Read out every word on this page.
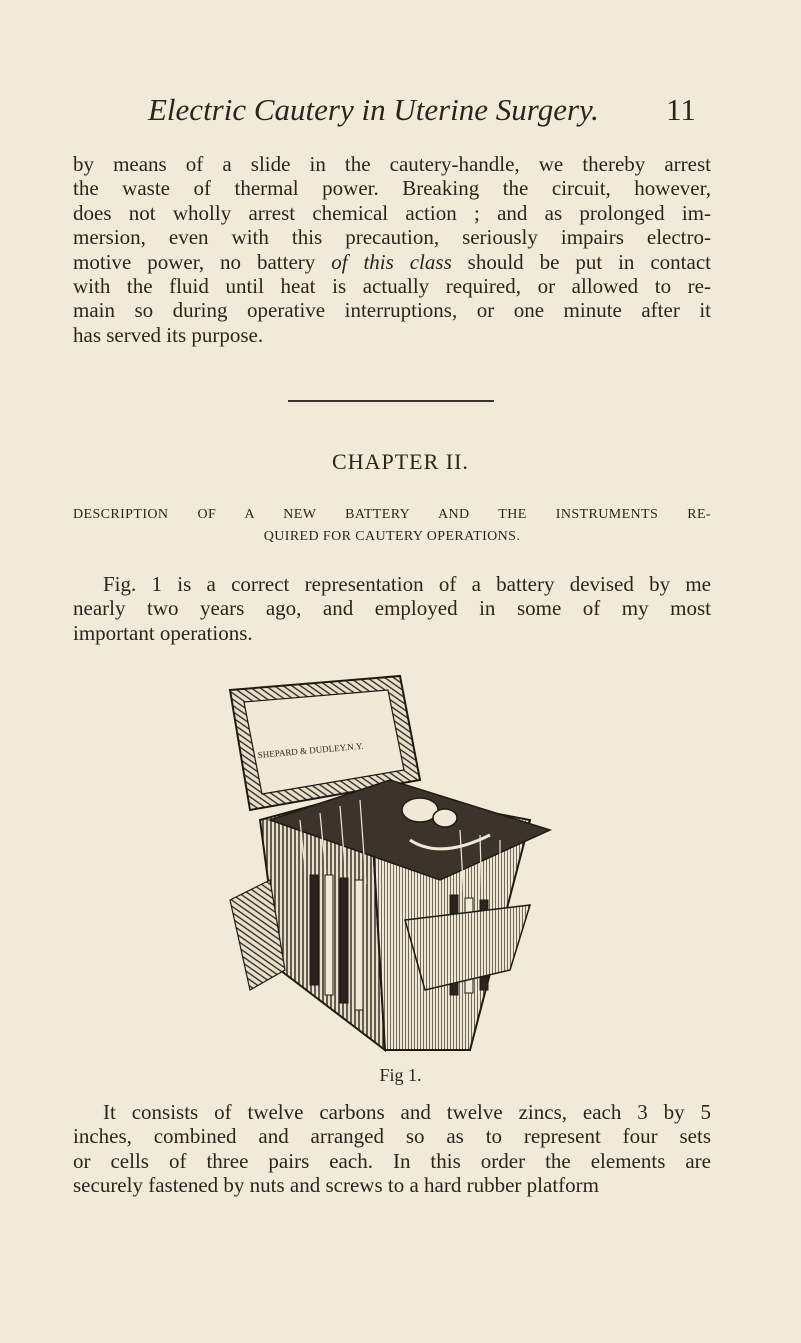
Electric Cautery in Uterine Surgery. 11

by means of a slide in the cautery-handle, we thereby arrest
the waste of thermal power. Breaking the circuit, however,
does not wholly arrest chemical action ; and as prolonged im-
mersion, even with this precaution, seriously impairs electro-
motive power, no battery of this class should be put in contact
with the fluid until heat is actually required, or allowed to re-
main so during operative interruptions, or one minute after it
has served its purpose.

CHAPTER II.

DESCRIPTION OF A NEW BATTERY AND THE INSTRUMENTS RE-
QUIRED FOR CAUTERY OPERATIONS.

Fig. 1 is a correct representation of a battery devised by me
nearly two years ago, and employed in some of my most
important operations.

SHEPARD & DUDLEY.N.Y.
Fig 1.

It consists of twelve carbons and twelve zincs, each 3 by 5
inches, combined and arranged so as to represent four sets
or cells of three pairs each. In this order the elements are
securely fastened by nuts and screws to a hard rubber platform
